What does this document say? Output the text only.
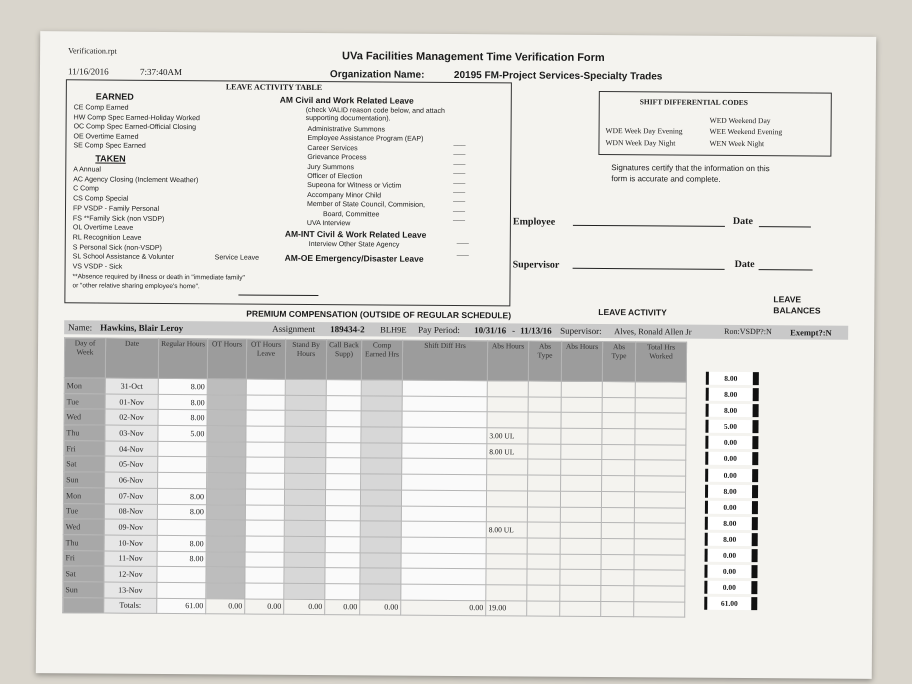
Verification.rpt	UVa Facilities Management Time Verification Form
11/16/2016	7:37:40AM	Organization Name:	20195 FM-Project Services-Specialty Trades
LEAVE ACTIVITY TABLE
EARNED
CE Comp Earned
HW Comp Spec Earned-Holiday Worked
OC Comp Spec Earned-Official Closing
OE Overtime Earned
SE Comp Spec Earned
TAKEN
A Annual
AC Agency Closing (Inclement Weather)
C Comp
CS Comp Special
FP VSDP - Family Personal
FS **Family Sick (non VSDP)
OL Overtime Leave
RL Recognition Leave
S Personal Sick (non-VSDP)
SL School Assistance & Volunter
VS VSDP - Sick
Service Leave
**Absence required by illness or death in "immediate family"
or "other relative sharing employee's home".
AM Civil and Work Related Leave
(check VALID reason code below, and attach
supporting documentation).
Administrative Summons
Employee Assistance Program (EAP)
Career Services
Grievance Process
Jury Summons
Officer of Election
Supeona for Witness or Victim
Accompany Minor Child
Member of State Council, Commision,
Board, Committee
UVA Interview
___
___
___
___
___
___
___
___
___
AM-INT Civil & Work Related Leave
Interview Other State Agency	___
AM-OE Emergency/Disaster Leave
___
SHIFT DIFFERENTIAL CODES
WED Weekend Day
WDE Week Day Evening	WEE Weekend Evening
WDN Week Day Night	WEN Week Night
Signatures certify that the information on this
form is accurate and complete.
Employee	Date
Supervisor	Date
PREMIUM COMPENSATION (OUTSIDE OF REGULAR SCHEDULE)	LEAVE ACTIVITY
LEAVE BALANCES
Name: Hawkins, Blair Leroy	Assignment 189434-2 BLH9E Pay Period: 10/31/16 - 11/13/16 Supervisor: Alves, Ronald Allen Jr	Ron:VSDP?:N Exempt?:N
Day of Week	Date	Regular Hours	OT Hours	OT Hours Leave	Stand By Hours	Call Back Supp)	Comp Earned Hrs	Shift Diff Hrs	Abs Hours	Abs Type	Abs Hours	Abs Type	Total Hrs Worked
Mon	31-Oct	8.00											
Tue	01-Nov	8.00											
Wed	02-Nov	8.00											
Thu	03-Nov	5.00							3.00 UL				
Fri	04-Nov								8.00 UL				
Sat	05-Nov												
Sun	06-Nov												
Mon	07-Nov	8.00											
Tue	08-Nov	8.00											
Wed	09-Nov								8.00 UL				
Thu	10-Nov	8.00											
Fri	11-Nov	8.00											
Sat	12-Nov												
Sun	13-Nov												
	Totals:	61.00	0.00	0.00	0.00	0.00	0.00	0.00	19.00				
8.00
8.00
8.00
5.00
0.00
0.00
0.00
8.00
0.00
8.00
8.00
0.00
0.00
0.00
61.00
